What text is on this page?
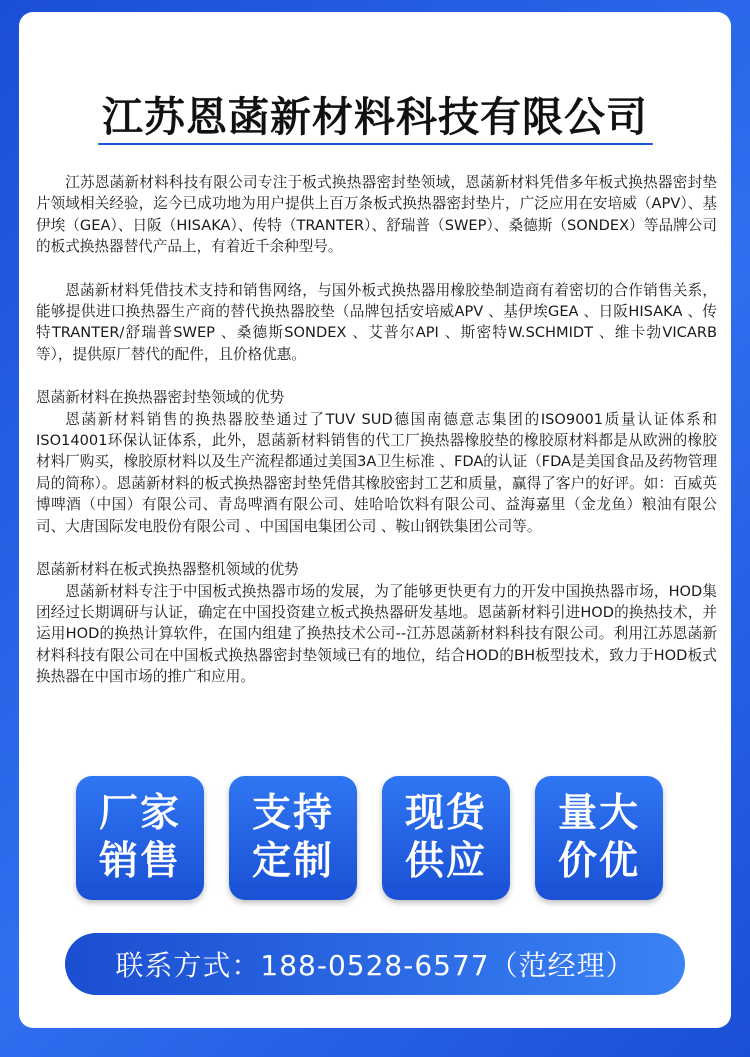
江苏恩菡新材料科技有限公司

江苏恩菡新材料科技有限公司专注于板式换热器密封垫领域，恩菡新材料凭借多年板式换热器密封垫片领域相关经验，迄今已成功地为用户提供上百万条板式换热器密封垫片，广泛应用在安培威（APV）、基伊埃（GEA）、日阪（HISAKA）、传特（TRANTER）、舒瑞普（SWEP）、桑德斯（SONDEX）等品牌公司的板式换热器替代产品上，有着近千余种型号。

恩菡新材料凭借技术支持和销售网络，与国外板式换热器用橡胶垫制造商有着密切的合作销售关系，能够提供进口换热器生产商的替代换热器胶垫（品牌包括安培威APV 、基伊埃GEA 、日阪HISAKA 、传特TRANTER/舒瑞普SWEP 、桑德斯SONDEX 、艾普尔API 、斯密特W.SCHMIDT 、维卡勃VICARB等），提供原厂替代的配件，且价格优惠。

恩菡新材料在换热器密封垫领域的优势

恩菡新材料销售的换热器胶垫通过了TUV SUD德国南德意志集团的ISO9001质量认证体系和ISO14001环保认证体系，此外，恩菡新材料销售的代工厂换热器橡胶垫的橡胶原材料都是从欧洲的橡胶材料厂购买，橡胶原材料以及生产流程都通过美国3A卫生标准 、FDA的认证（FDA是美国食品及药物管理局的简称）。恩菡新材料的板式换热器密封垫凭借其橡胶密封工艺和质量，赢得了客户的好评。如：百威英博啤酒（中国）有限公司、青岛啤酒有限公司、娃哈哈饮料有限公司、益海嘉里（金龙鱼）粮油有限公司、大唐国际发电股份有限公司 、中国国电集团公司 、鞍山钢铁集团公司等。

恩菡新材料在板式换热器整机领域的优势

恩菡新材料专注于中国板式换热器市场的发展，为了能够更快更有力的开发中国换热器市场，HOD集团经过长期调研与认证，确定在中国投资建立板式换热器研发基地。恩菡新材料引进HOD的换热技术，并运用HOD的换热计算软件，在国内组建了换热技术公司--江苏恩菡新材料科技有限公司。利用江苏恩菡新材料科技有限公司在中国板式换热器密封垫领域已有的地位，结合HOD的BH板型技术，致力于HOD板式换热器在中国市场的推广和应用。

厂家
销售
支持
定制
现货
供应
量大
价优
联系方式：188-0528-6577（范经理）
